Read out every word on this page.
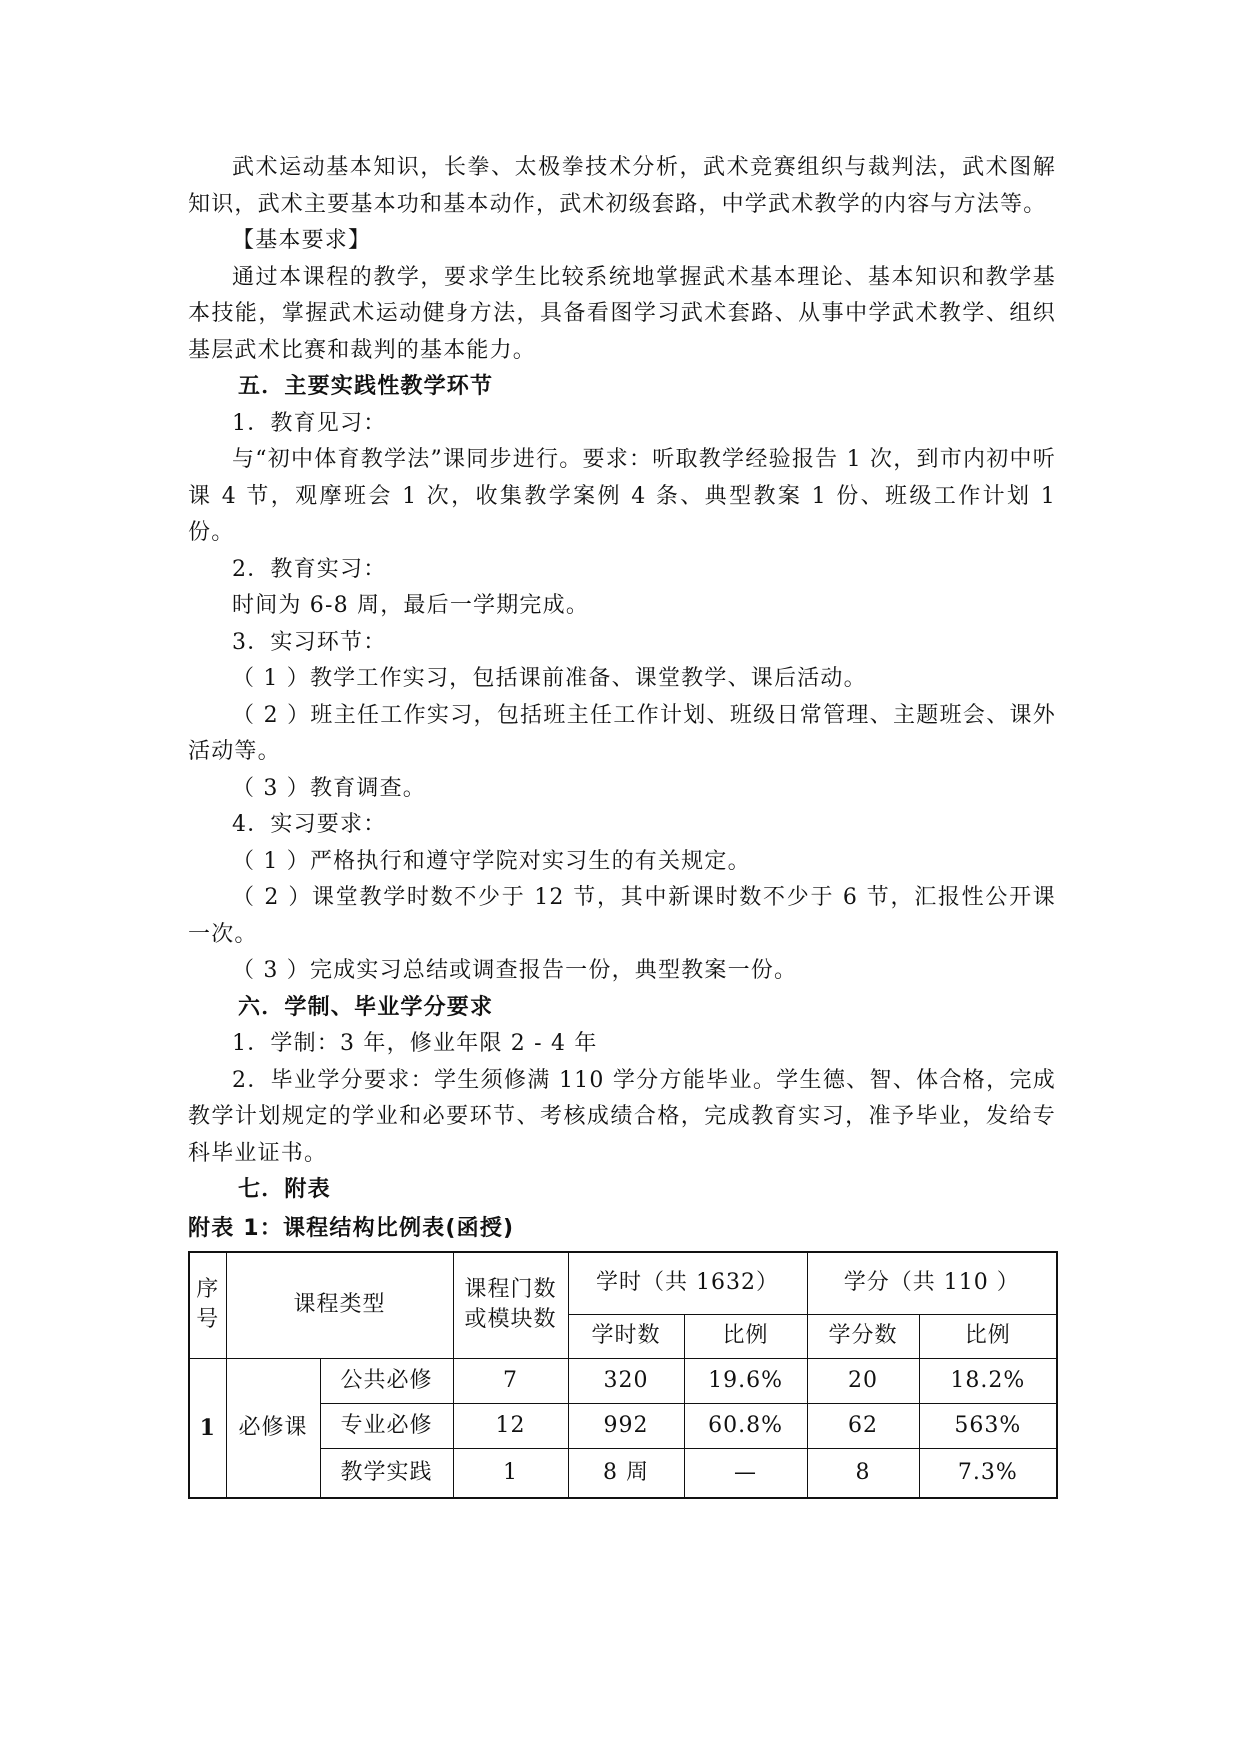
武术运动基本知识，长拳、太极拳技术分析，武术竞赛组织与裁判法，武术图解知识，武术主要基本功和基本动作，武术初级套路，中学武术教学的内容与方法等。

【基本要求】

通过本课程的教学，要求学生比较系统地掌握武术基本理论、基本知识和教学基本技能，掌握武术运动健身方法，具备看图学习武术套路、从事中学武术教学、组织基层武术比赛和裁判的基本能力。

五．主要实践性教学环节

1．教育见习：

与“初中体育教学法”课同步进行。要求：听取教学经验报告 1 次，到市内初中听课 4 节，观摩班会 1 次，收集教学案例 4 条、典型教案 1 份、班级工作计划 1 份。

2．教育实习：

时间为 6-8 周，最后一学期完成。

3．实习环节：

（ 1 ）教学工作实习，包括课前准备、课堂教学、课后活动。

（ 2 ）班主任工作实习，包括班主任工作计划、班级日常管理、主题班会、课外活动等。

（ 3 ）教育调查。

4．实习要求：

（ 1 ）严格执行和遵守学院对实习生的有关规定。

（ 2 ）课堂教学时数不少于 12 节，其中新课时数不少于 6 节，汇报性公开课一次。

（ 3 ）完成实习总结或调查报告一份，典型教案一份。

六．学制、毕业学分要求

1．学制：3 年，修业年限 2 - 4 年

2．毕业学分要求：学生须修满 110 学分方能毕业。学生德、智、体合格，完成教学计划规定的学业和必要环节、考核成绩合格，完成教育实习，准予毕业，发给专科毕业证书。

七．附表

附表 1：课程结构比例表(函授)

序号	课程类型		课程门数或模块数	学时（共 1632）		学分（共 110 ）	
				学时数	比例	学分数	比例
1	必修课	公共必修	7	320	19.6%	20	18.2%
		专业必修	12	992	60.8%	62	563%
		教学实践	1	8 周	—	8	7.3%
